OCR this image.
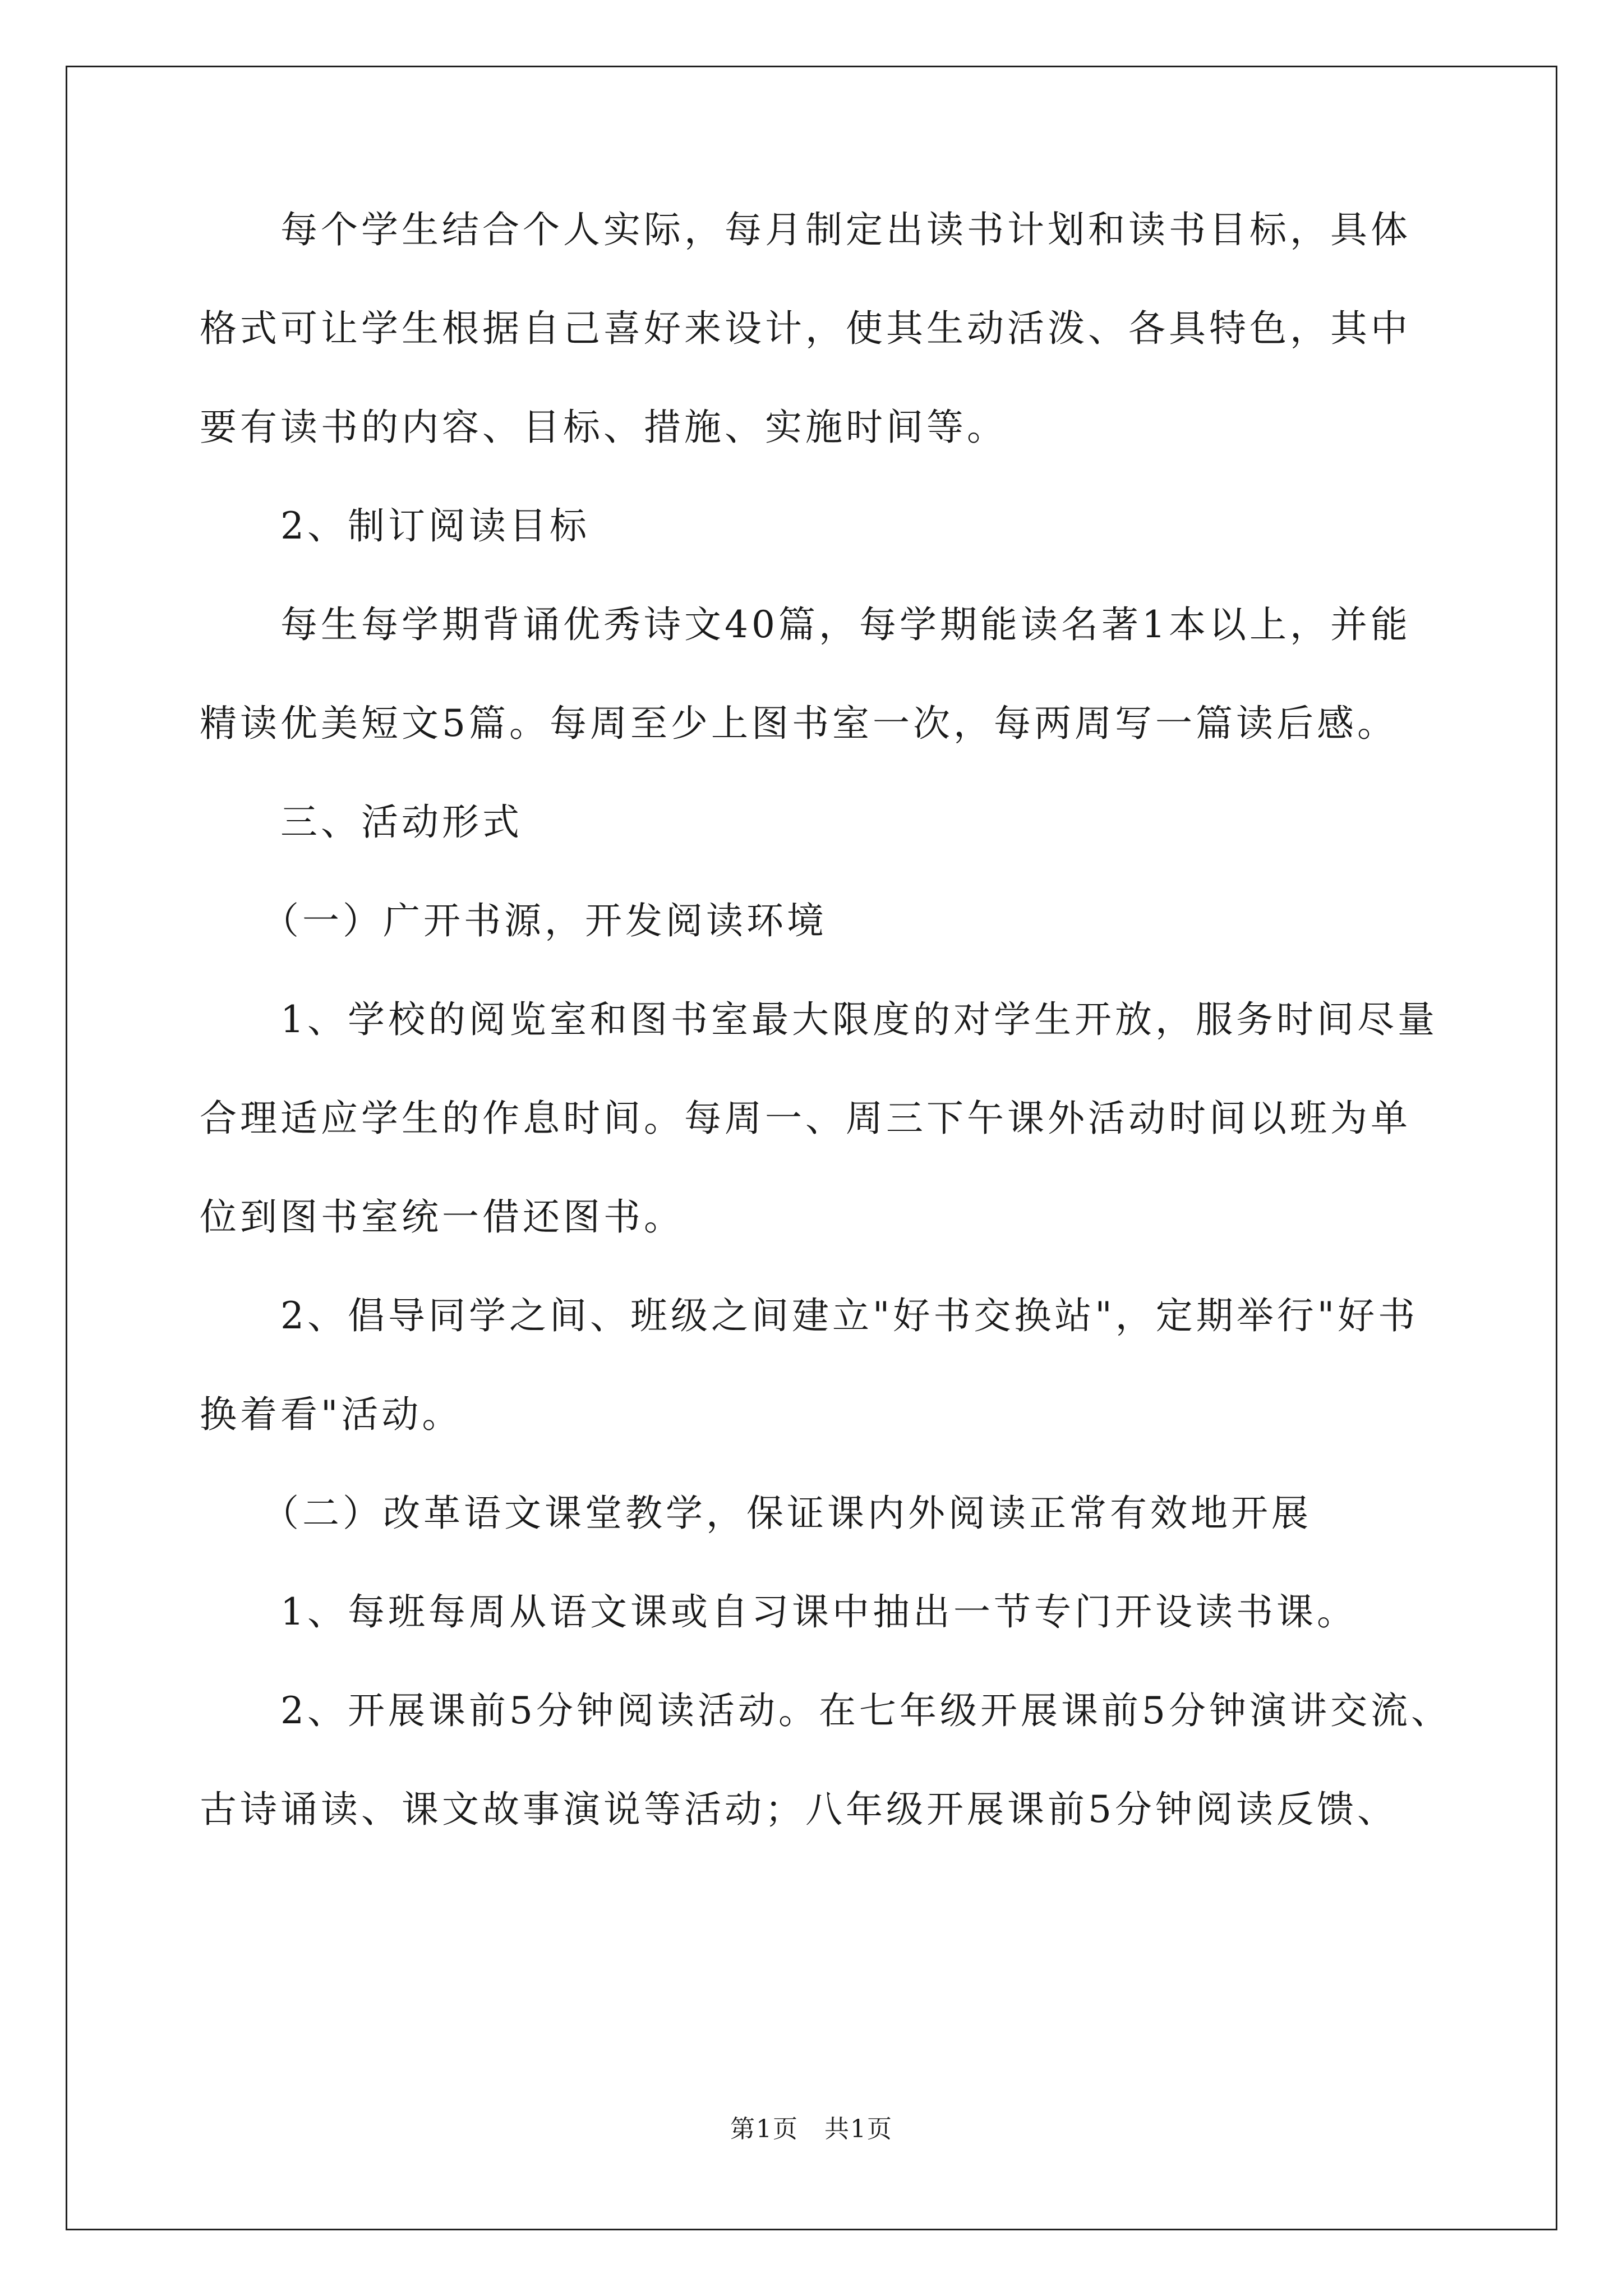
　　每个学生结合个人实际，每月制定出读书计划和读书目标，具体
格式可让学生根据自己喜好来设计，使其生动活泼、各具特色，其中
要有读书的内容、目标、措施、实施时间等。
　　2、制订阅读目标
　　每生每学期背诵优秀诗文40篇，每学期能读名著1本以上，并能
精读优美短文5篇。每周至少上图书室一次，每两周写一篇读后感。
　　三、活动形式
　　（一）广开书源，开发阅读环境
　　1、学校的阅览室和图书室最大限度的对学生开放，服务时间尽量
合理适应学生的作息时间。每周一、周三下午课外活动时间以班为单
位到图书室统一借还图书。
　　2、倡导同学之间、班级之间建立"好书交换站"，定期举行"好书
换着看"活动。
　　（二）改革语文课堂教学，保证课内外阅读正常有效地开展
　　1、每班每周从语文课或自习课中抽出一节专门开设读书课。
　　2、开展课前5分钟阅读活动。在七年级开展课前5分钟演讲交流、
古诗诵读、课文故事演说等活动；八年级开展课前5分钟阅读反馈、
第1页　共1页
